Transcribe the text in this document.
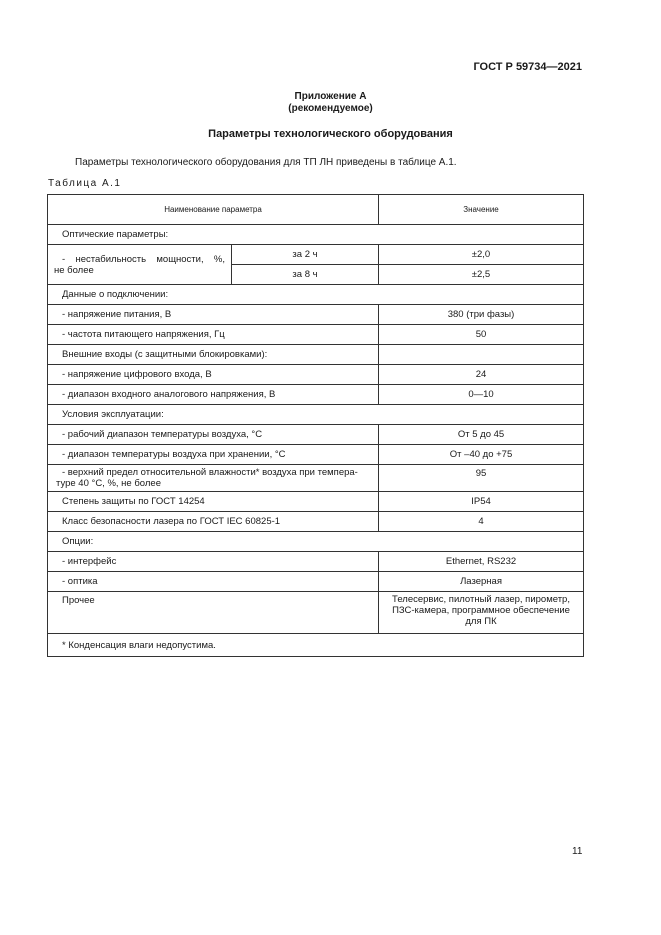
ГОСТ Р 59734—2021
Приложение А
(рекомендуемое)
Параметры технологического оборудования
Параметры технологического оборудования для ТП ЛН приведены в таблице А.1.
Таблица А.1
Наименование параметра		Значение
Оптические параметры:		

- нестабильность мощности, %,
не более	за 2 ч	±2,0
	за 8 ч	±2,5
Данные о подключении:		
- напряжение питания, В		380 (три фазы)
- частота питающего напряжения, Гц		50
Внешние входы (с защитными блокировками):		
- напряжение цифрового входа, В		24
- диапазон входного аналогового напряжения, В		0—10
Условия эксплуатации:		
- рабочий диапазон температуры воздуха, °С		От 5 до 45
- диапазон температуры воздуха при хранении, °С		От –40 до +75

- верхний предел относительной влажности* воздуха при темпера-
туре 40 °С, %, не более		95
Степень защиты по ГОСТ 14254		IP54
Класс безопасности лазера по ГОСТ IEC 60825-1		4
Опции:		
- интерфейс		Ethernet, RS232
- оптика		Лазерная
Прочее		Телесервис, пилотный лазер, пирометр,
ПЗС-камера, программное обеспечение
для ПК

* Конденсация влаги недопустима.		
11
